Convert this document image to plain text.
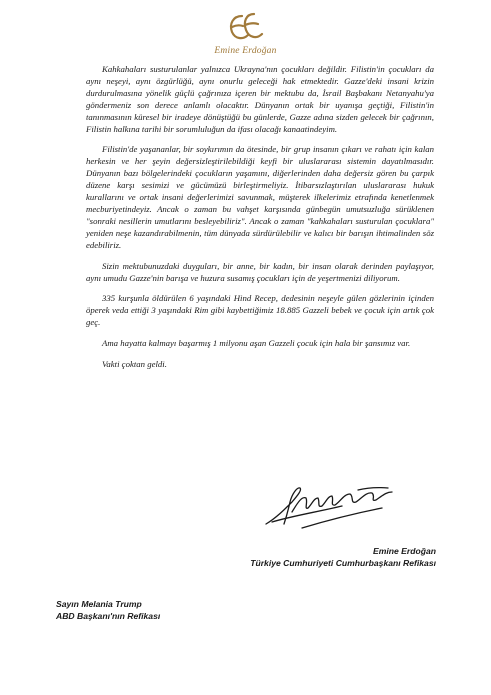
Emine Erdoğan

Kahkahaları susturulanlar yalnızca Ukrayna'nın çocukları değildir. Filistin'in çocukları da aynı neşeyi, aynı özgürlüğü, aynı onurlu geleceği hak etmektedir. Gazze'deki insani krizin durdurulmasına yönelik güçlü çağrınıza içeren bir mektubu da, İsrail Başbakanı Netanyahu'ya göndermeniz son derece anlamlı olacaktır. Dünyanın ortak bir uyanışa geçtiği, Filistin'in tanınmasının küresel bir iradeye dönüştüğü bu günlerde, Gazze adına sizden gelecek bir çağrının, Filistin halkına tarihi bir sorumluluğun da ifası olacağı kanaatindeyim.

Filistin'de yaşananlar, bir soykırımın da ötesinde, bir grup insanın çıkarı ve rahatı için kalan herkesin ve her şeyin değersizleştirilebildiği keyfi bir uluslararası sistemin dayatılmasıdır. Dünyanın bazı bölgelerindeki çocukların yaşamını, diğerlerinden daha değersiz gören bu çarpık düzene karşı sesimizi ve gücümüzü birleştirmeliyiz. İtibarsızlaştırılan uluslararası hukuk kurallarını ve ortak insani değerlerimizi savunmak, müşterek ilkelerimiz etrafında kenetlenmek mecburiyetindeyiz. Ancak o zaman bu vahşet karşısında günbegün umutsuzluğa sürüklenen "sonraki nesillerin umutlarını besleyebiliriz". Ancak o zaman "kahkahaları susturulan çocuklara" yeniden neşe kazandırabilmenin, tüm dünyada sürdürülebilir ve kalıcı bir barışın ihtimalinden söz edebiliriz.

Sizin mektubunuzdaki duyguları, bir anne, bir kadın, bir insan olarak derinden paylaşıyor, aynı umudu Gazze'nin barışa ve huzura susamış çocukları için de yeşertmenizi diliyorum.

335 kurşunla öldürülen 6 yaşındaki Hind Recep, dedesinin neşeyle gülen gözlerinin içinden öperek veda ettiği 3 yaşındaki Rim gibi kaybettiğimiz 18.885 Gazzeli bebek ve çocuk için artık çok geç.

Ama hayatta kalmayı başarmış 1 milyonu aşan Gazzeli çocuk için hala bir şansımız var.

Vakti çoktan geldi.

Emine Erdoğan
Türkiye Cumhuriyeti Cumhurbaşkanı Refikası
Sayın Melania Trump
ABD Başkanı'nın Refikası
